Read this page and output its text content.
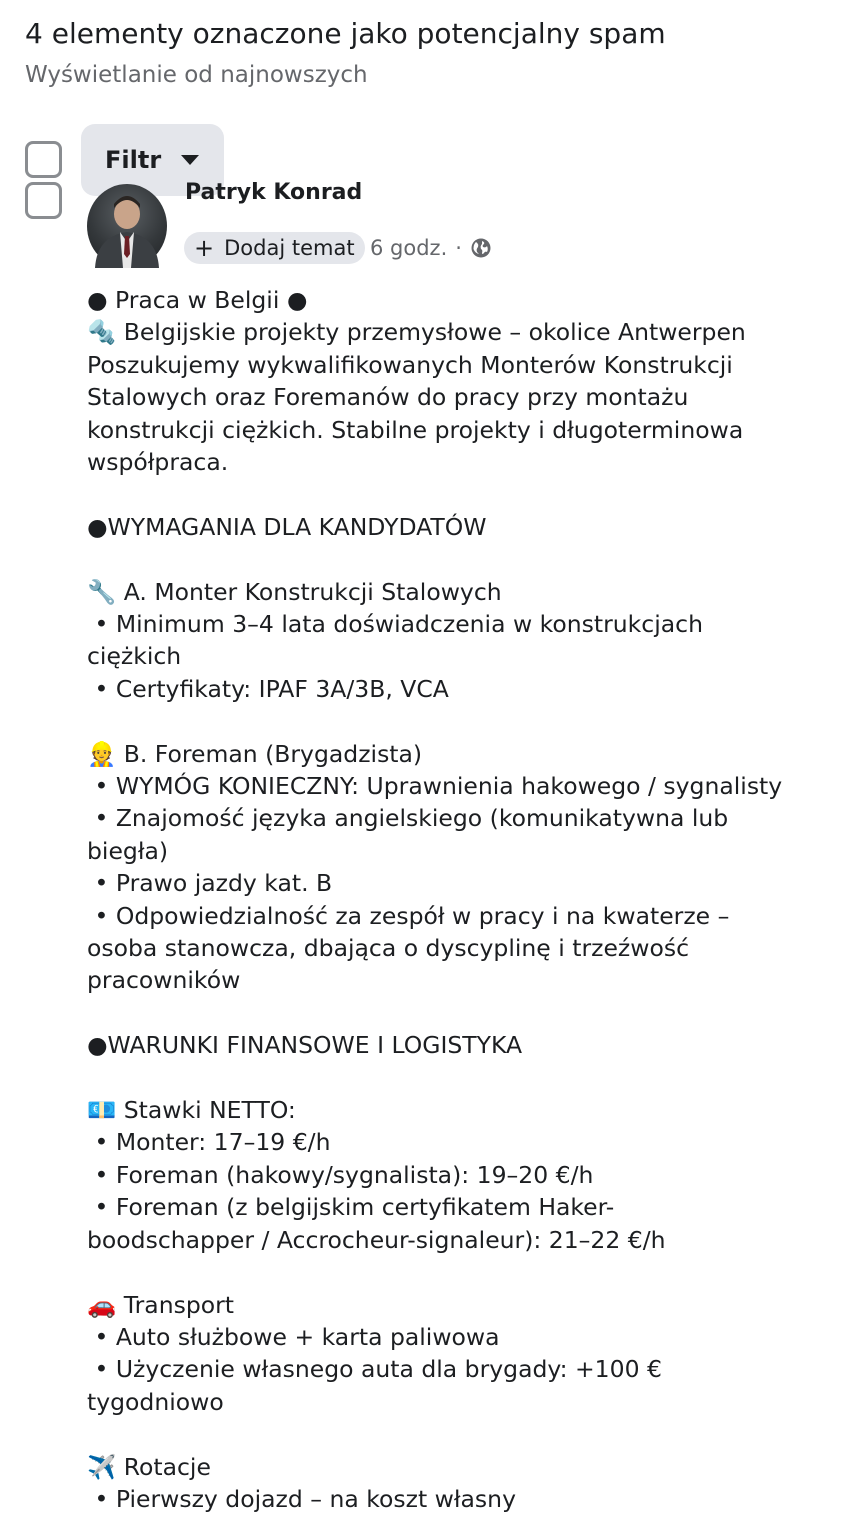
4 elementy oznaczone jako potencjalny spam
Wyświetlanie od najnowszych
Filtr
Patryk Konrad
+ Dodaj temat 6 godz. ·
● Praca w Belgii ●
🔩 Belgijskie projekty przemysłowe – okolice Antwerpen
Poszukujemy wykwalifikowanych Monterów Konstrukcji
Stalowych oraz Foremanów do pracy przy montażu
konstrukcji ciężkich. Stabilne projekty i długoterminowa
współpraca.
●WYMAGANIA DLA KANDYDATÓW
🔧 A. Monter Konstrukcji Stalowych
• Minimum 3–4 lata doświadczenia w konstrukcjach
ciężkich
• Certyfikaty: IPAF 3A/3B, VCA
👷 B. Foreman (Brygadzista)
• WYMÓG KONIECZNY: Uprawnienia hakowego / sygnalisty
• Znajomość języka angielskiego (komunikatywna lub
biegła)
• Prawo jazdy kat. B
• Odpowiedzialność za zespół w pracy i na kwaterze –
osoba stanowcza, dbająca o dyscyplinę i trzeźwość
pracowników
●WARUNKI FINANSOWE I LOGISTYKA
💶 Stawki NETTO:
• Monter: 17–19 €/h
• Foreman (hakowy/sygnalista): 19–20 €/h
• Foreman (z belgijskim certyfikatem Haker-
boodschapper / Accrocheur-signaleur): 21–22 €/h
🚗 Transport
• Auto służbowe + karta paliwowa
• Użyczenie własnego auta dla brygady: +100 €
tygodniowo
✈️ Rotacje
• Pierwszy dojazd – na koszt własny
